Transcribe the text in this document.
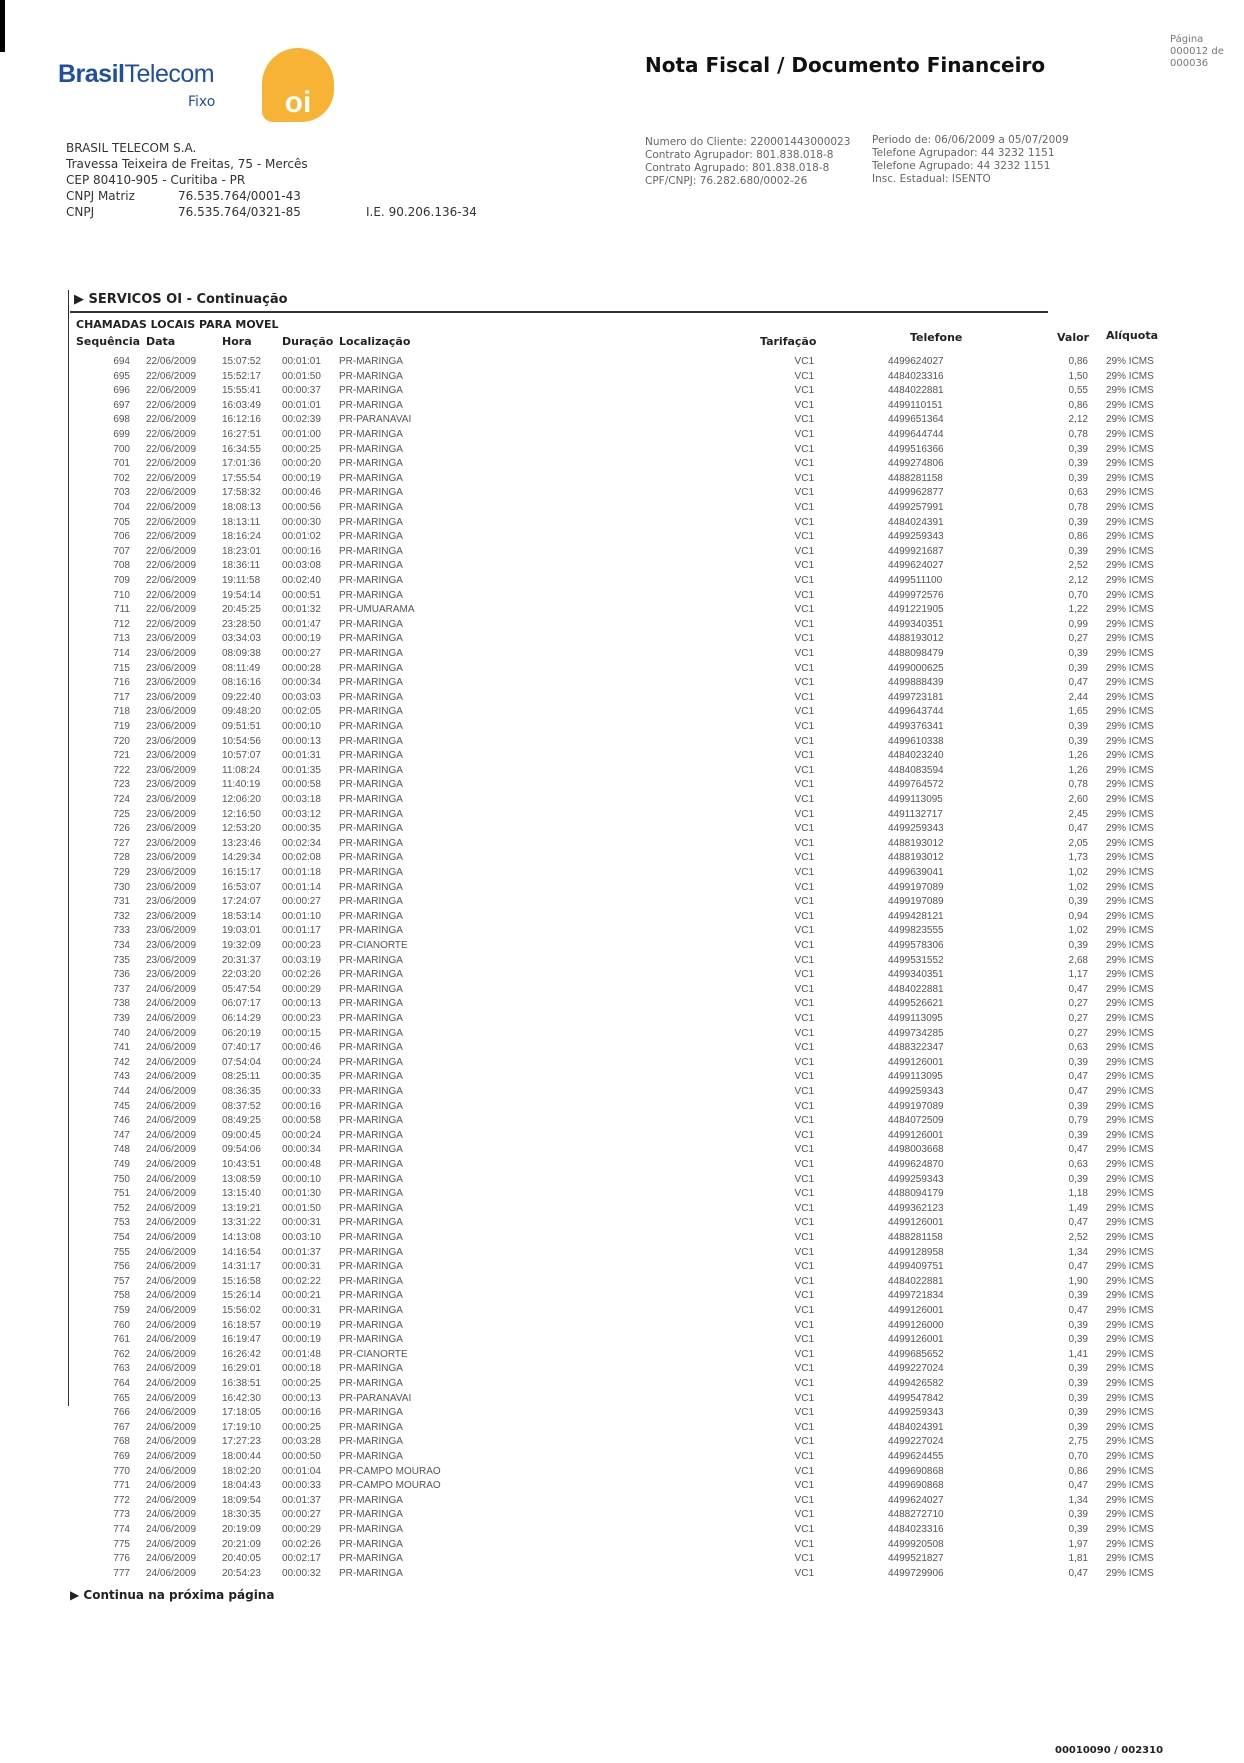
BrasilTelecom
Fixo	oi
Nota Fiscal / Documento Financeiro
Página
000012 de
000036
BRASIL TELECOM S.A.
Travessa Teixeira de Freitas, 75 - Mercês
CEP 80410-905 - Curitiba - PR
CNPJ Matriz	76.535.764/0001-43
CNPJ	76.535.764/0321-85	I.E. 90.206.136-34
Numero do Cliente: 220001443000023
Contrato Agrupador: 801.838.018-8
Contrato Agrupado: 801.838.018-8
CPF/CNPJ: 76.282.680/0002-26
Periodo de: 06/06/2009 a 05/07/2009
Telefone Agrupador: 44 3232 1151
Telefone Agrupado: 44 3232 1151
Insc. Estadual: ISENTO
▶ SERVICOS OI - Continuação
CHAMADAS LOCAIS PARA MOVEL
Sequência Data	Hora	Duração Localização	Tarifação	Telefone	Valor Alíquota
694 22/06/2009	15:07:52 00:01:01 PR-MARINGA	VC1	4499624027	0,86 29% ICMS
695 22/06/2009	15:52:17 00:01:50 PR-MARINGA	VC1	4484023316	1,50 29% ICMS
696 22/06/2009	15:55:41 00:00:37 PR-MARINGA	VC1	4484022881	0,55 29% ICMS
697 22/06/2009	16:03:49 00:01:01 PR-MARINGA	VC1	4499110151	0,86 29% ICMS
698 22/06/2009	16:12:16 00:02:39 PR-PARANAVAI	VC1	4499651364	2,12 29% ICMS
699 22/06/2009	16:27:51 00:01:00 PR-MARINGA	VC1	4499644744	0,78 29% ICMS
700 22/06/2009	16:34:55 00:00:25 PR-MARINGA	VC1	4499516366	0,39 29% ICMS
701 22/06/2009	17:01:36 00:00:20 PR-MARINGA	VC1	4499274806	0,39 29% ICMS
702 22/06/2009	17:55:54 00:00:19 PR-MARINGA	VC1	4488281158	0,39 29% ICMS
703 22/06/2009	17:58:32 00:00:46 PR-MARINGA	VC1	4499962877	0,63 29% ICMS
704 22/06/2009	18:08:13 00:00:56 PR-MARINGA	VC1	4499257991	0,78 29% ICMS
705 22/06/2009	18:13:11 00:00:30 PR-MARINGA	VC1	4484024391	0,39 29% ICMS
706 22/06/2009	18:16:24 00:01:02 PR-MARINGA	VC1	4499259343	0,86 29% ICMS
707 22/06/2009	18:23:01 00:00:16 PR-MARINGA	VC1	4499921687	0,39 29% ICMS
708 22/06/2009	18:36:11 00:03:08 PR-MARINGA	VC1	4499624027	2,52 29% ICMS
709 22/06/2009	19:11:58 00:02:40 PR-MARINGA	VC1	4499511100	2,12 29% ICMS
710 22/06/2009	19:54:14 00:00:51 PR-MARINGA	VC1	4499972576	0,70 29% ICMS
711 22/06/2009	20:45:25 00:01:32 PR-UMUARAMA	VC1	4491221905	1,22 29% ICMS
712 22/06/2009	23:28:50 00:01:47 PR-MARINGA	VC1	4499340351	0,99 29% ICMS
713 23/06/2009	03:34:03 00:00:19 PR-MARINGA	VC1	4488193012	0,27 29% ICMS
714 23/06/2009	08:09:38 00:00:27 PR-MARINGA	VC1	4488098479	0,39 29% ICMS
715 23/06/2009	08:11:49 00:00:28 PR-MARINGA	VC1	4499000625	0,39 29% ICMS
716 23/06/2009	08:16:16 00:00:34 PR-MARINGA	VC1	4499888439	0,47 29% ICMS
717 23/06/2009	09:22:40 00:03:03 PR-MARINGA	VC1	4499723181	2,44 29% ICMS
718 23/06/2009	09:48:20 00:02:05 PR-MARINGA	VC1	4499643744	1,65 29% ICMS
719 23/06/2009	09:51:51 00:00:10 PR-MARINGA	VC1	4499376341	0,39 29% ICMS
720 23/06/2009	10:54:56 00:00:13 PR-MARINGA	VC1	4499610338	0,39 29% ICMS
721 23/06/2009	10:57:07 00:01:31 PR-MARINGA	VC1	4484023240	1,26 29% ICMS
722 23/06/2009	11:08:24 00:01:35 PR-MARINGA	VC1	4484083594	1,26 29% ICMS
723 23/06/2009	11:40:19 00:00:58 PR-MARINGA	VC1	4499764572	0,78 29% ICMS
724 23/06/2009	12:06:20 00:03:18 PR-MARINGA	VC1	4499113095	2,60 29% ICMS
725 23/06/2009	12:16:50 00:03:12 PR-MARINGA	VC1	4491132717	2,45 29% ICMS
726 23/06/2009	12:53:20 00:00:35 PR-MARINGA	VC1	4499259343	0,47 29% ICMS
727 23/06/2009	13:23:46 00:02:34 PR-MARINGA	VC1	4488193012	2,05 29% ICMS
728 23/06/2009	14:29:34 00:02:08 PR-MARINGA	VC1	4488193012	1,73 29% ICMS
729 23/06/2009	16:15:17 00:01:18 PR-MARINGA	VC1	4499639041	1,02 29% ICMS
730 23/06/2009	16:53:07 00:01:14 PR-MARINGA	VC1	4499197089	1,02 29% ICMS
731 23/06/2009	17:24:07 00:00:27 PR-MARINGA	VC1	4499197089	0,39 29% ICMS
732 23/06/2009	18:53:14 00:01:10 PR-MARINGA	VC1	4499428121	0,94 29% ICMS
733 23/06/2009	19:03:01 00:01:17 PR-MARINGA	VC1	4499823555	1,02 29% ICMS
734 23/06/2009	19:32:09 00:00:23 PR-CIANORTE	VC1	4499578306	0,39 29% ICMS
735 23/06/2009	20:31:37 00:03:19 PR-MARINGA	VC1	4499531552	2,68 29% ICMS
736 23/06/2009	22:03:20 00:02:26 PR-MARINGA	VC1	4499340351	1,17 29% ICMS
737 24/06/2009	05:47:54 00:00:29 PR-MARINGA	VC1	4484022881	0,47 29% ICMS
738 24/06/2009	06:07:17 00:00:13 PR-MARINGA	VC1	4499526621	0,27 29% ICMS
739 24/06/2009	06:14:29 00:00:23 PR-MARINGA	VC1	4499113095	0,27 29% ICMS
740 24/06/2009	06:20:19 00:00:15 PR-MARINGA	VC1	4499734285	0,27 29% ICMS
741 24/06/2009	07:40:17 00:00:46 PR-MARINGA	VC1	4488322347	0,63 29% ICMS
742 24/06/2009	07:54:04 00:00:24 PR-MARINGA	VC1	4499126001	0,39 29% ICMS
743 24/06/2009	08:25:11 00:00:35 PR-MARINGA	VC1	4499113095	0,47 29% ICMS
744 24/06/2009	08:36:35 00:00:33 PR-MARINGA	VC1	4499259343	0,47 29% ICMS
745 24/06/2009	08:37:52 00:00:16 PR-MARINGA	VC1	4499197089	0,39 29% ICMS
746 24/06/2009	08:49:25 00:00:58 PR-MARINGA	VC1	4484072509	0,79 29% ICMS
747 24/06/2009	09:00:45 00:00:24 PR-MARINGA	VC1	4499126001	0,39 29% ICMS
748 24/06/2009	09:54:06 00:00:34 PR-MARINGA	VC1	4498003668	0,47 29% ICMS
749 24/06/2009	10:43:51 00:00:48 PR-MARINGA	VC1	4499624870	0,63 29% ICMS
750 24/06/2009	13:08:59 00:00:10 PR-MARINGA	VC1	4499259343	0,39 29% ICMS
751 24/06/2009	13:15:40 00:01:30 PR-MARINGA	VC1	4488094179	1,18 29% ICMS
752 24/06/2009	13:19:21 00:01:50 PR-MARINGA	VC1	4499362123	1,49 29% ICMS
753 24/06/2009	13:31:22 00:00:31 PR-MARINGA	VC1	4499126001	0,47 29% ICMS
754 24/06/2009	14:13:08 00:03:10 PR-MARINGA	VC1	4488281158	2,52 29% ICMS
755 24/06/2009	14:16:54 00:01:37 PR-MARINGA	VC1	4499128958	1,34 29% ICMS
756 24/06/2009	14:31:17 00:00:31 PR-MARINGA	VC1	4499409751	0,47 29% ICMS
757 24/06/2009	15:16:58 00:02:22 PR-MARINGA	VC1	4484022881	1,90 29% ICMS
758 24/06/2009	15:26:14 00:00:21 PR-MARINGA	VC1	4499721834	0,39 29% ICMS
759 24/06/2009	15:56:02 00:00:31 PR-MARINGA	VC1	4499126001	0,47 29% ICMS
760 24/06/2009	16:18:57 00:00:19 PR-MARINGA	VC1	4499126000	0,39 29% ICMS
761 24/06/2009	16:19:47 00:00:19 PR-MARINGA	VC1	4499126001	0,39 29% ICMS
762 24/06/2009	16:26:42 00:01:48 PR-CIANORTE	VC1	4499685652	1,41 29% ICMS
763 24/06/2009	16:29:01 00:00:18 PR-MARINGA	VC1	4499227024	0,39 29% ICMS
764 24/06/2009	16:38:51 00:00:25 PR-MARINGA	VC1	4499426582	0,39 29% ICMS
765 24/06/2009	16:42:30 00:00:13 PR-PARANAVAI	VC1	4499547842	0,39 29% ICMS
766 24/06/2009	17:18:05 00:00:16 PR-MARINGA	VC1	4499259343	0,39 29% ICMS
767 24/06/2009	17:19:10 00:00:25 PR-MARINGA	VC1	4484024391	0,39 29% ICMS
768 24/06/2009	17:27:23 00:03:28 PR-MARINGA	VC1	4499227024	2,75 29% ICMS
769 24/06/2009	18:00:44 00:00:50 PR-MARINGA	VC1	4499624455	0,70 29% ICMS
770 24/06/2009	18:02:20 00:01:04 PR-CAMPO MOURAO	VC1	4499690868	0,86 29% ICMS
771 24/06/2009	18:04:43 00:00:33 PR-CAMPO MOURAO	VC1	4499690868	0,47 29% ICMS
772 24/06/2009	18:09:54 00:01:37 PR-MARINGA	VC1	4499624027	1,34 29% ICMS
773 24/06/2009	18:30:35 00:00:27 PR-MARINGA	VC1	4488272710	0,39 29% ICMS
774 24/06/2009	20:19:09 00:00:29 PR-MARINGA	VC1	4484023316	0,39 29% ICMS
775 24/06/2009	20:21:09 00:02:26 PR-MARINGA	VC1	4499920508	1,97 29% ICMS
776 24/06/2009	20:40:05 00:02:17 PR-MARINGA	VC1	4499521827	1,81 29% ICMS
777 24/06/2009	20:54:23 00:00:32 PR-MARINGA	VC1	4499729906	0,47 29% ICMS
▶ Continua na próxima página
00010090 / 002310
